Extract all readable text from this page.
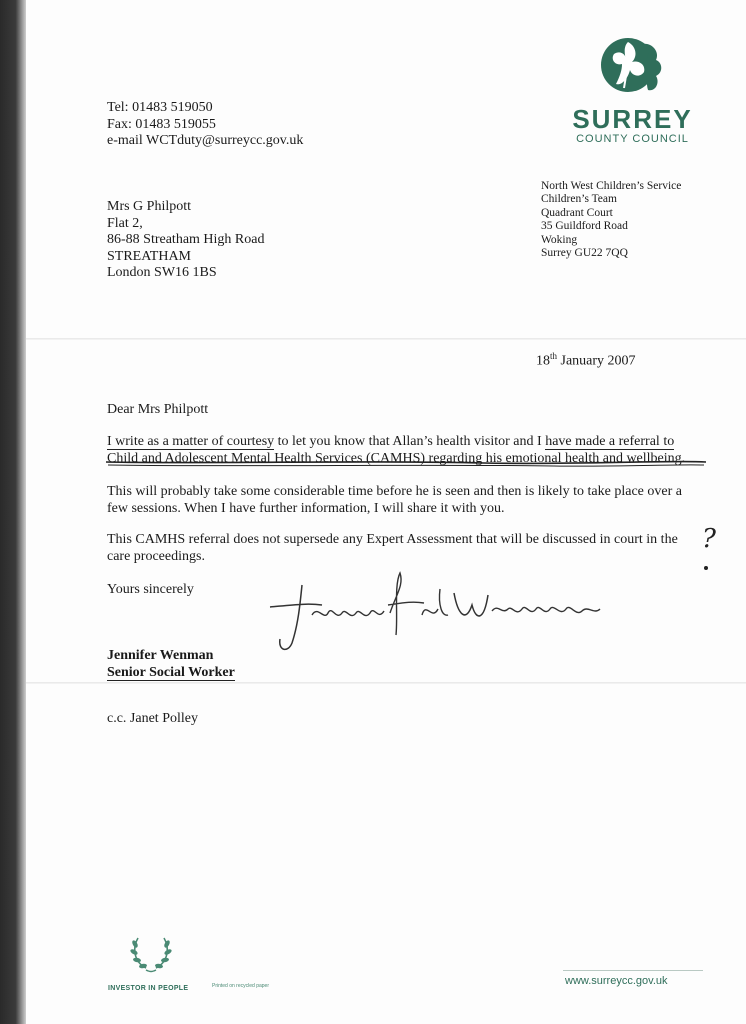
Tel: 01483 519050
Fax: 01483 519055
e-mail WCTduty@surreycc.gov.uk
SURREY
COUNTY COUNCIL
Mrs G Philpott
Flat 2,
86-88 Streatham High Road
STREATHAM
London SW16 1BS
North West Children’s Service
Children’s Team
Quadrant Court
35 Guildford Road
Woking
Surrey GU22 7QQ
18th January 2007
Dear Mrs Philpott
I write as a matter of courtesy to let you know that Allan’s health visitor and I have made a referral to
Child and Adolescent Mental Health Services (CAMHS) regarding his emotional health and wellbeing.
This will probably take some considerable time before he is seen and then is likely to take place over a few sessions. When I have further information, I will share it with you.
This CAMHS referral does not supersede any Expert Assessment that will be discussed in court in the care proceedings.
?
Yours sincerely
Jennifer Wenman
Senior Social Worker
c.c. Janet Polley
INVESTOR IN PEOPLE	Printed on recycled paper	www.surreycc.gov.uk
